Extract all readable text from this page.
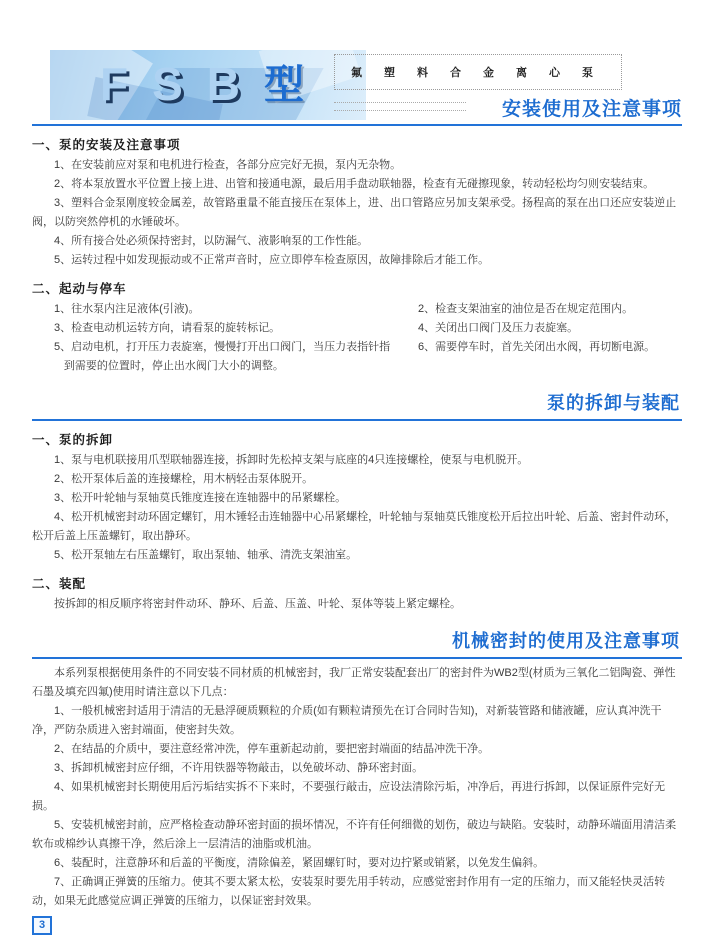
FSB 型	氟塑料合金离心泵
安装使用及注意事项
一、泵的安装及注意事项

1、在安装前应对泵和电机进行检查，各部分应完好无损，泵内无杂物。

2、将本泵放置水平位置上接上进、出管和接通电源，最后用手盘动联轴器，检查有无碰擦现象，转动轻松均匀则安装结束。

3、塑料合金泵刚度较金属差，故管路重量不能直接压在泵体上，进、出口管路应另加支架承受。扬程高的泵在出口还应安装逆止阀，以防突然停机的水锤破坏。

4、所有接合处必须保持密封，以防漏气、液影响泵的工作性能。

5、运转过程中如发现振动或不正常声音时，应立即停车检查原因，故障排除后才能工作。

二、起动与停车

1、往水泵内注足液体(引液)。

3、检查电动机运转方向，请看泵的旋转标记。

5、启动电机，打开压力表旋塞，慢慢打开出口阀门，当压力表指针指到需要的位置时，停止出水阀门大小的调整。

2、检查支架油室的油位是否在规定范围内。

4、关闭出口阀门及压力表旋塞。

6、需要停车时，首先关闭出水阀，再切断电源。

泵的拆卸与装配
一、泵的拆卸

1、泵与电机联接用爪型联轴器连接，拆卸时先松掉支架与底座的4只连接螺栓，使泵与电机脱开。

2、松开泵体后盖的连接螺栓，用木柄轻击泵体脱开。

3、松开叶轮轴与泵轴莫氏锥度连接在连轴器中的吊紧螺栓。

4、松开机械密封动环固定螺钉，用木锤轻击连轴器中心吊紧螺栓，叶轮轴与泵轴莫氏锥度松开后拉出叶轮、后盖、密封件动环，松开后盖上压盖螺钉，取出静环。

5、松开泵轴左右压盖螺钉，取出泵轴、轴承、清洗支架油室。

二、装配

按拆卸的相反顺序将密封件动环、静环、后盖、压盖、叶轮、泵体等装上紧定螺栓。

机械密封的使用及注意事项

本系列泵根据使用条件的不同安装不同材质的机械密封，我厂正常安装配套出厂的密封件为WB2型(材质为三氧化二铝陶瓷、弹性石墨及填充四氟)使用时请注意以下几点：

1、一般机械密封适用于清洁的无悬浮硬质颗粒的介质(如有颗粒请预先在订合同时告知)，对新装管路和储液罐，应认真冲洗干净，严防杂质进入密封端面，使密封失效。

2、在结晶的介质中，要注意经常冲洗，停车重新起动前，要把密封端面的结晶冲洗干净。

3、拆卸机械密封应仔细，不许用铁器等物敲击，以免破坏动、静环密封面。

4、如果机械密封长期使用后污垢结实拆不下来时，不要强行敲击，应设法清除污垢，冲净后，再进行拆卸，以保证原件完好无损。

5、安装机械密封前，应严格检查动静环密封面的损坏情况，不许有任何细微的划伤，破边与缺陷。安装时，动静环端面用清洁柔软布或棉纱认真擦干净，然后涂上一层清洁的油脂或机油。

6、装配时，注意静环和后盖的平衡度，清除偏差，紧固螺钉时，要对边拧紧或销紧，以免发生偏斜。

7、正确调正弹簧的压缩力。使其不要太紧太松，安装泵时要先用手转动，应感觉密封作用有一定的压缩力，而又能轻快灵活转动，如果无此感觉应调正弹簧的压缩力，以保证密封效果。

3
